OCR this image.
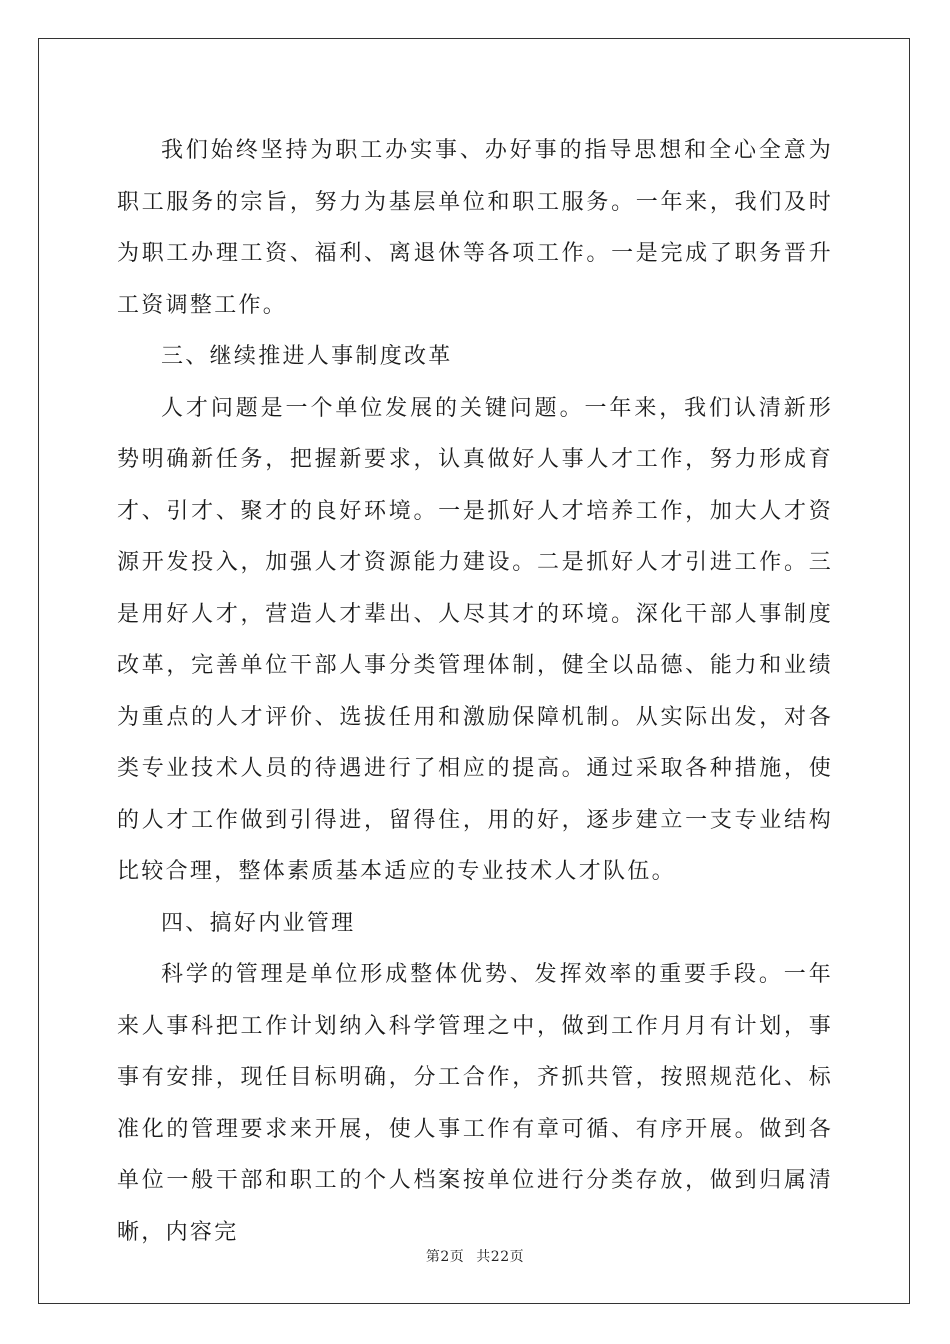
我们始终坚持为职工办实事、办好事的指导思想和全心全意为职工服务的宗旨，努力为基层单位和职工服务。一年来，我们及时为职工办理工资、福利、离退休等各项工作。一是完成了职务晋升工资调整工作。

三、继续推进人事制度改革

人才问题是一个单位发展的关键问题。一年来，我们认清新形势明确新任务，把握新要求，认真做好人事人才工作，努力形成育才、引才、聚才的良好环境。一是抓好人才培养工作，加大人才资源开发投入，加强人才资源能力建设。二是抓好人才引进工作。三是用好人才，营造人才辈出、人尽其才的环境。深化干部人事制度改革，完善单位干部人事分类管理体制，健全以品德、能力和业绩为重点的人才评价、选拔任用和激励保障机制。从实际出发，对各类专业技术人员的待遇进行了相应的提高。通过采取各种措施，使的人才工作做到引得进，留得住，用的好，逐步建立一支专业结构比较合理，整体素质基本适应的专业技术人才队伍。

四、搞好内业管理

科学的管理是单位形成整体优势、发挥效率的重要手段。一年来人事科把工作计划纳入科学管理之中，做到工作月月有计划，事事有安排，现任目标明确，分工合作，齐抓共管，按照规范化、标准化的管理要求来开展，使人事工作有章可循、有序开展。做到各单位一般干部和职工的个人档案按单位进行分类存放，做到归属清晰，内容完

第2页 共22页
